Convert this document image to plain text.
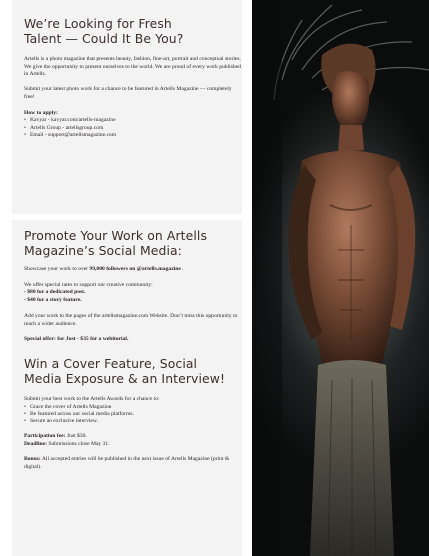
We’re Looking for Fresh
Talent — Could It Be You?

Artells is a photo magazine that presents beauty, fashion, fine-art, portrait and conceptual stories. We give the opportunity to present ourselves to the world. We are proud of every work published in Artells.

Submit your latest photo work for a chance to be featured in Artells Magazine — completely free!

How to apply:

• Kavyar - kavyar.com/artells-magazine
• Artells Group - artellsgroup.com
• Email - support@artellsmagazine.com
Promote Your Work on Artells
Magazine’s Social Media:

Showcase your work to over 99,000 followers on @artells.magazine .

We offer special rates to support our creative community:

- $80 for a dedicated post.

- $40 for a story feature.

Add your work to the pages of the artellsmagazine.com Website. Don’t miss this opportunity to reach a wider audience.

Special offer: for Just - $35 for a webitorial.

Win a Cover Feature, Social
Media Exposure & an Interview!

Submit your best work to the Artells Awards for a chance to:

• Grace the cover of Artells Magazine.
• Be featured across our social media platforms.
• Secure an exclusive interview.

Participation fee: Just $30.

Deadline: Submissions close May 31.

Bonus: All accepted entries will be published in the next issue of Artells Magazine (print & digital).
